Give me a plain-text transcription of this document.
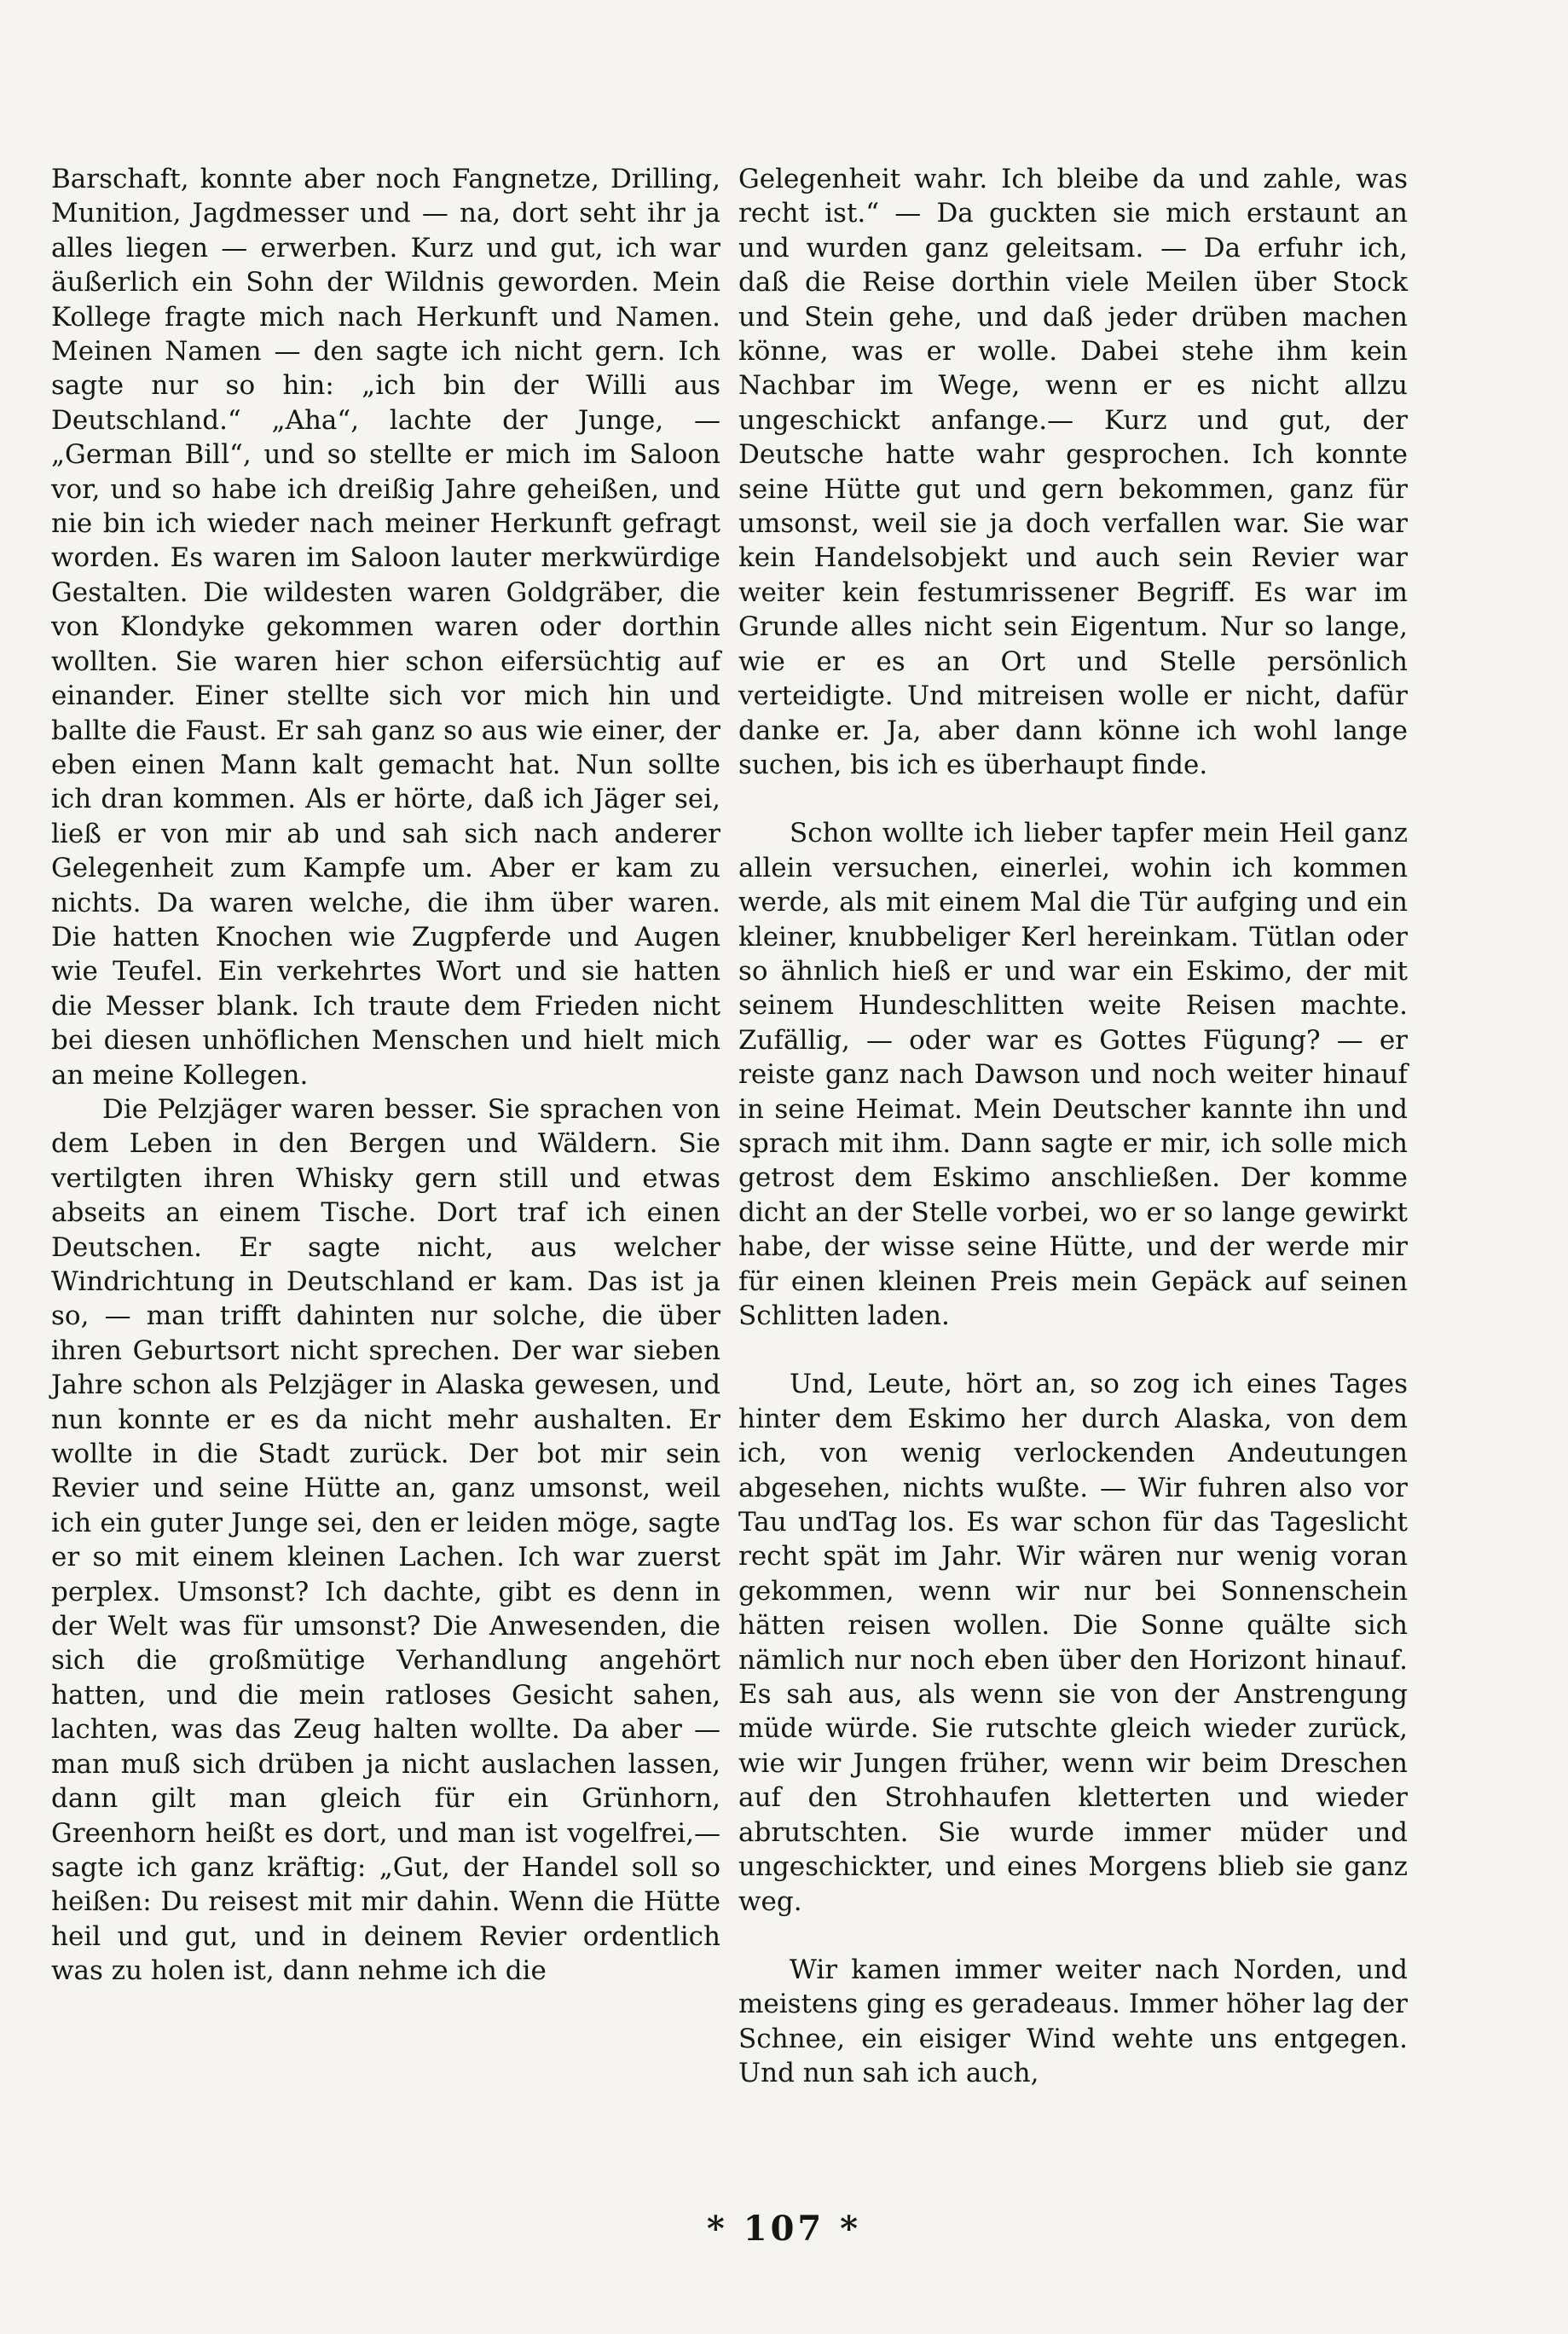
Barschaft, konnte aber noch Fangnetze, Drilling, Munition, Jagdmesser und — na, dort seht ihr ja alles liegen — erwerben. Kurz und gut, ich war äußerlich ein Sohn der Wildnis geworden. Mein Kollege fragte mich nach Herkunft und Namen. Meinen Namen — den sagte ich nicht gern. Ich sagte nur so hin: „ich bin der Willi aus Deutschland.“ „Aha“, lachte der Junge, — „German Bill“, und so stellte er mich im Saloon vor, und so habe ich dreißig Jahre geheißen, und nie bin ich wieder nach meiner Herkunft gefragt worden. Es waren im Saloon lauter merkwürdige Gestalten. Die wildesten waren Goldgräber, die von Klondyke gekommen waren oder dorthin wollten. Sie waren hier schon eifersüchtig auf einander. Einer stellte sich vor mich hin und ballte die Faust. Er sah ganz so aus wie einer, der eben einen Mann kalt gemacht hat. Nun sollte ich dran kommen. Als er hörte, daß ich Jäger sei, ließ er von mir ab und sah sich nach anderer Gelegenheit zum Kampfe um. Aber er kam zu nichts. Da waren welche, die ihm über waren. Die hatten Knochen wie Zugpferde und Augen wie Teufel. Ein verkehrtes Wort und sie hatten die Messer blank. Ich traute dem Frieden nicht bei diesen unhöflichen Menschen und hielt mich an meine Kollegen.

Die Pelzjäger waren besser. Sie sprachen von dem Leben in den Bergen und Wäldern. Sie vertilgten ihren Whisky gern still und etwas abseits an einem Tische. Dort traf ich einen Deutschen. Er sagte nicht, aus welcher Windrichtung in Deutschland er kam. Das ist ja so, — man trifft dahinten nur solche, die über ihren Geburtsort nicht sprechen. Der war sieben Jahre schon als Pelzjäger in Alaska gewesen, und nun konnte er es da nicht mehr aushalten. Er wollte in die Stadt zurück. Der bot mir sein Revier und seine Hütte an, ganz umsonst, weil ich ein guter Junge sei, den er leiden möge, sagte er so mit einem kleinen Lachen. Ich war zuerst perplex. Umsonst? Ich dachte, gibt es denn in der Welt was für umsonst? Die Anwesenden, die sich die großmütige Verhandlung angehört hatten, und die mein ratloses Gesicht sahen, lachten, was das Zeug halten wollte. Da aber — man muß sich drüben ja nicht auslachen lassen, dann gilt man gleich für ein Grünhorn, Greenhorn heißt es dort, und man ist vogelfrei,—sagte ich ganz kräftig: „Gut, der Handel soll so heißen: Du reisest mit mir dahin. Wenn die Hütte heil und gut, und in deinem Revier ordentlich was zu holen ist, dann nehme ich die

Gelegenheit wahr. Ich bleibe da und zahle, was recht ist.“ — Da guckten sie mich erstaunt an und wurden ganz geleitsam. — Da erfuhr ich, daß die Reise dorthin viele Meilen über Stock und Stein gehe, und daß jeder drüben machen könne, was er wolle. Dabei stehe ihm kein Nachbar im Wege, wenn er es nicht allzu ungeschickt anfange.— Kurz und gut, der Deutsche hatte wahr gesprochen. Ich konnte seine Hütte gut und gern bekommen, ganz für umsonst, weil sie ja doch verfallen war. Sie war kein Handelsobjekt und auch sein Revier war weiter kein festumrissener Begriff. Es war im Grunde alles nicht sein Eigentum. Nur so lange, wie er es an Ort und Stelle persönlich verteidigte. Und mitreisen wolle er nicht, dafür danke er. Ja, aber dann könne ich wohl lange suchen, bis ich es überhaupt finde.

Schon wollte ich lieber tapfer mein Heil ganz allein versuchen, einerlei, wohin ich kommen werde, als mit einem Mal die Tür aufging und ein kleiner, knubbeliger Kerl hereinkam. Tütlan oder so ähnlich hieß er und war ein Eskimo, der mit seinem Hundeschlitten weite Reisen machte. Zufällig, — oder war es Gottes Fügung? — er reiste ganz nach Dawson und noch weiter hinauf in seine Heimat. Mein Deutscher kannte ihn und sprach mit ihm. Dann sagte er mir, ich solle mich getrost dem Eskimo anschließen. Der komme dicht an der Stelle vorbei, wo er so lange gewirkt habe, der wisse seine Hütte, und der werde mir für einen kleinen Preis mein Gepäck auf seinen Schlitten laden.

Und, Leute, hört an, so zog ich eines Tages hinter dem Eskimo her durch Alaska, von dem ich, von wenig verlockenden Andeutungen abgesehen, nichts wußte. — Wir fuhren also vor Tau undTag los. Es war schon für das Tageslicht recht spät im Jahr. Wir wären nur wenig voran gekommen, wenn wir nur bei Sonnenschein hätten reisen wollen. Die Sonne quälte sich nämlich nur noch eben über den Horizont hinauf. Es sah aus, als wenn sie von der Anstrengung müde würde. Sie rutschte gleich wieder zurück, wie wir Jungen früher, wenn wir beim Dreschen auf den Strohhaufen kletterten und wieder abrutschten. Sie wurde immer müder und ungeschickter, und eines Morgens blieb sie ganz weg.

Wir kamen immer weiter nach Norden, und meistens ging es geradeaus. Immer höher lag der Schnee, ein eisiger Wind wehte uns entgegen. Und nun sah ich auch,

* 107 *
